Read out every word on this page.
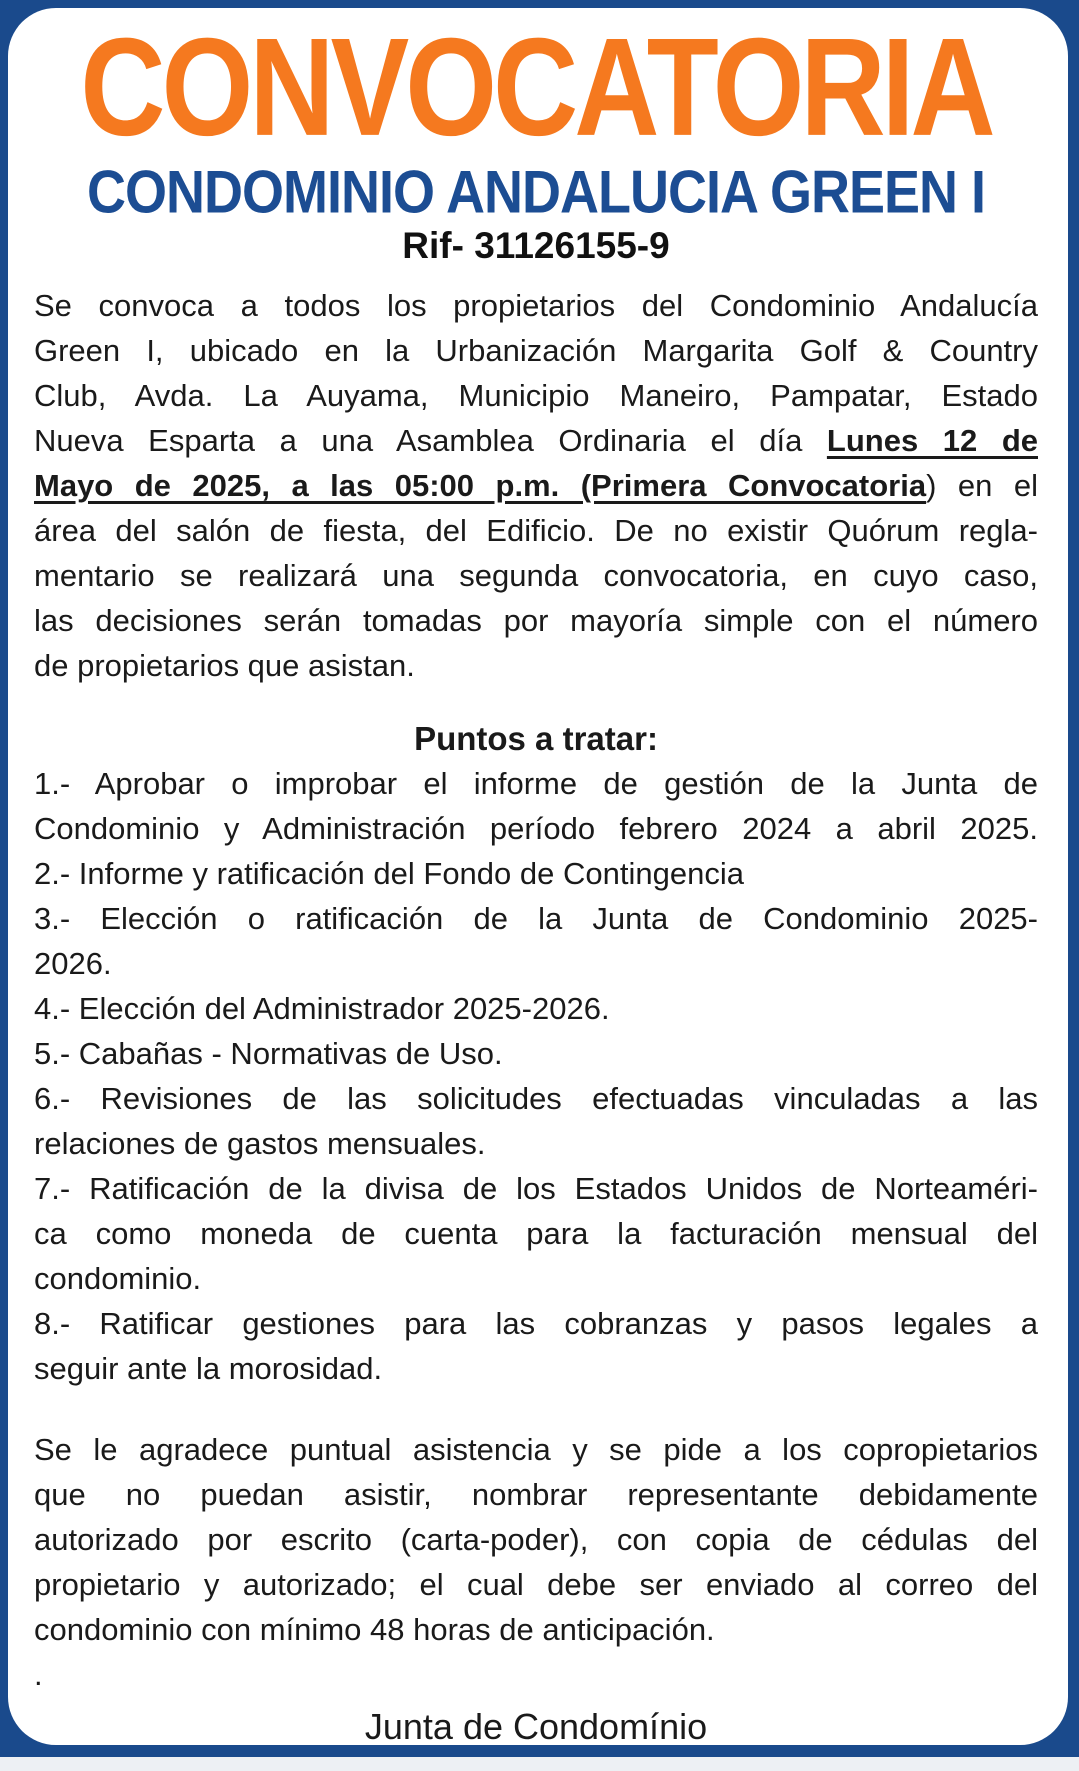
CONVOCATORIA
CONDOMINIO ANDALUCIA GREEN I
Rif- 31126155-9
Se convoca a todos los propietarios del Condominio Andalucía
Green I, ubicado en la Urbanización Margarita Golf & Country
Club, Avda. La Auyama, Municipio Maneiro, Pampatar, Estado
Nueva Esparta a una Asamblea Ordinaria el día Lunes 12 de
Mayo de 2025, a las 05:00 p.m. (Primera Convocatoria) en el
área del salón de fiesta, del Edificio. De no existir Quórum regla-
mentario se realizará una segunda convocatoria, en cuyo caso,
las decisiones serán tomadas por mayoría simple con el número
de propietarios que asistan.
Puntos a tratar:
1.- Aprobar o improbar el informe de gestión de la Junta de
Condominio y Administración período febrero 2024 a abril 2025.
2.- Informe y ratificación del Fondo de Contingencia
3.- Elección o ratificación de la Junta de Condominio 2025-
2026.
4.- Elección del Administrador 2025-2026.
5.- Cabañas - Normativas de Uso.
6.- Revisiones de las solicitudes efectuadas vinculadas a las
relaciones de gastos mensuales.
7.- Ratificación de la divisa de los Estados Unidos de Norteaméri-
ca como moneda de cuenta para la facturación mensual del
condominio.
8.- Ratificar gestiones para las cobranzas y pasos legales a
seguir ante la morosidad.
Se le agradece puntual asistencia y se pide a los copropietarios
que no puedan asistir, nombrar representante debidamente
autorizado por escrito (carta-poder), con copia de cédulas del
propietario y autorizado; el cual debe ser enviado al correo del
condominio con mínimo 48 horas de anticipación.
.
Junta de Condomínio
